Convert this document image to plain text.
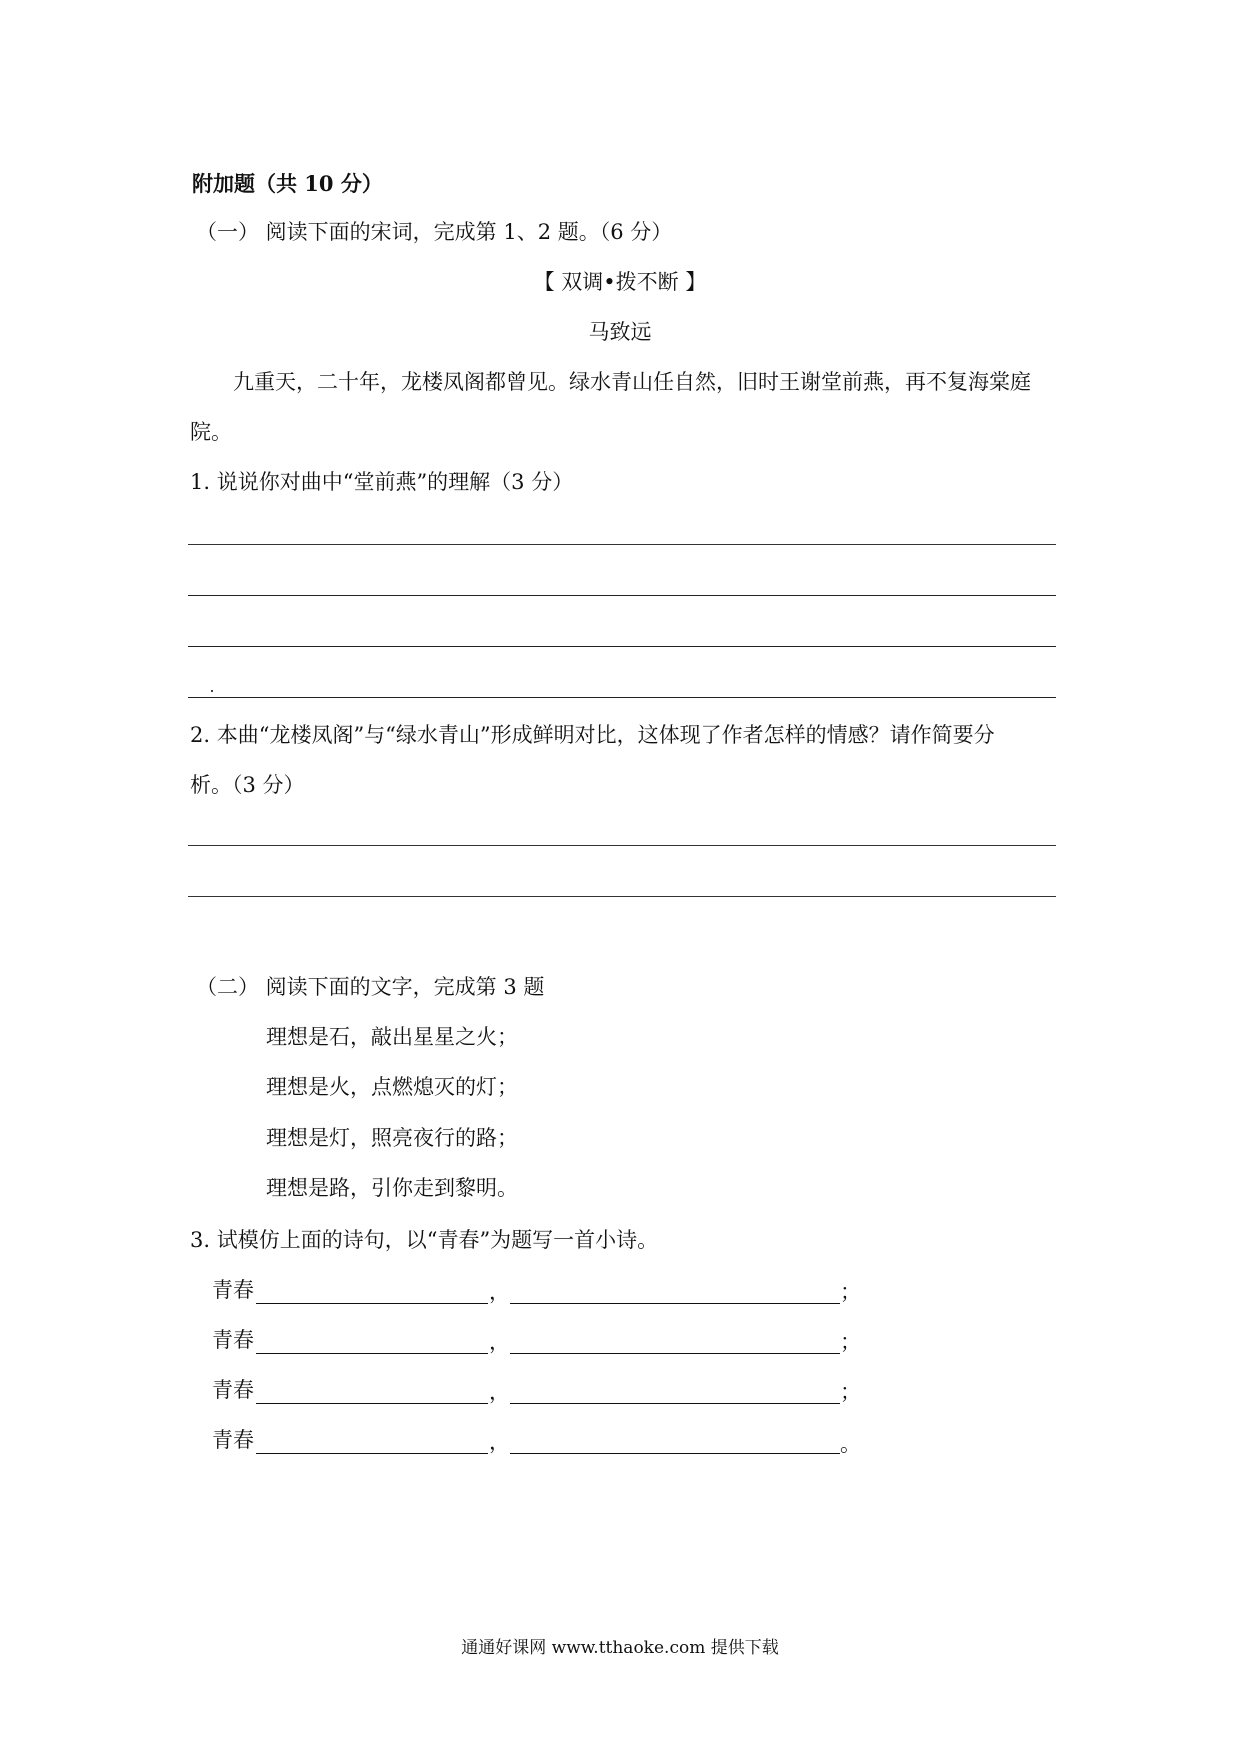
附加题（共 10 分）
（一） 阅读下面的宋词，完成第 1、2 题。（6 分）
【 双调•拨不断 】
马致远
九重天，二十年，龙楼凤阁都曾见。绿水青山任自然，旧时王谢堂前燕，再不复海棠庭
院。
1. 说说你对曲中“堂前燕”的理解（3 分）
2. 本曲“龙楼凤阁”与“绿水青山”形成鲜明对比，这体现了作者怎样的情感？请作简要分
析。（3 分）
（二） 阅读下面的文字，完成第 3 题
理想是石，敲出星星之火；
理想是火，点燃熄灭的灯；
理想是灯，照亮夜行的路；
理想是路，引你走到黎明。
3. 试模仿上面的诗句，以“青春”为题写一首小诗。
青春	，	；
青春	，	；
青春	，	；
青春	，	。
通通好课网 www.tthaoke.com 提供下载
